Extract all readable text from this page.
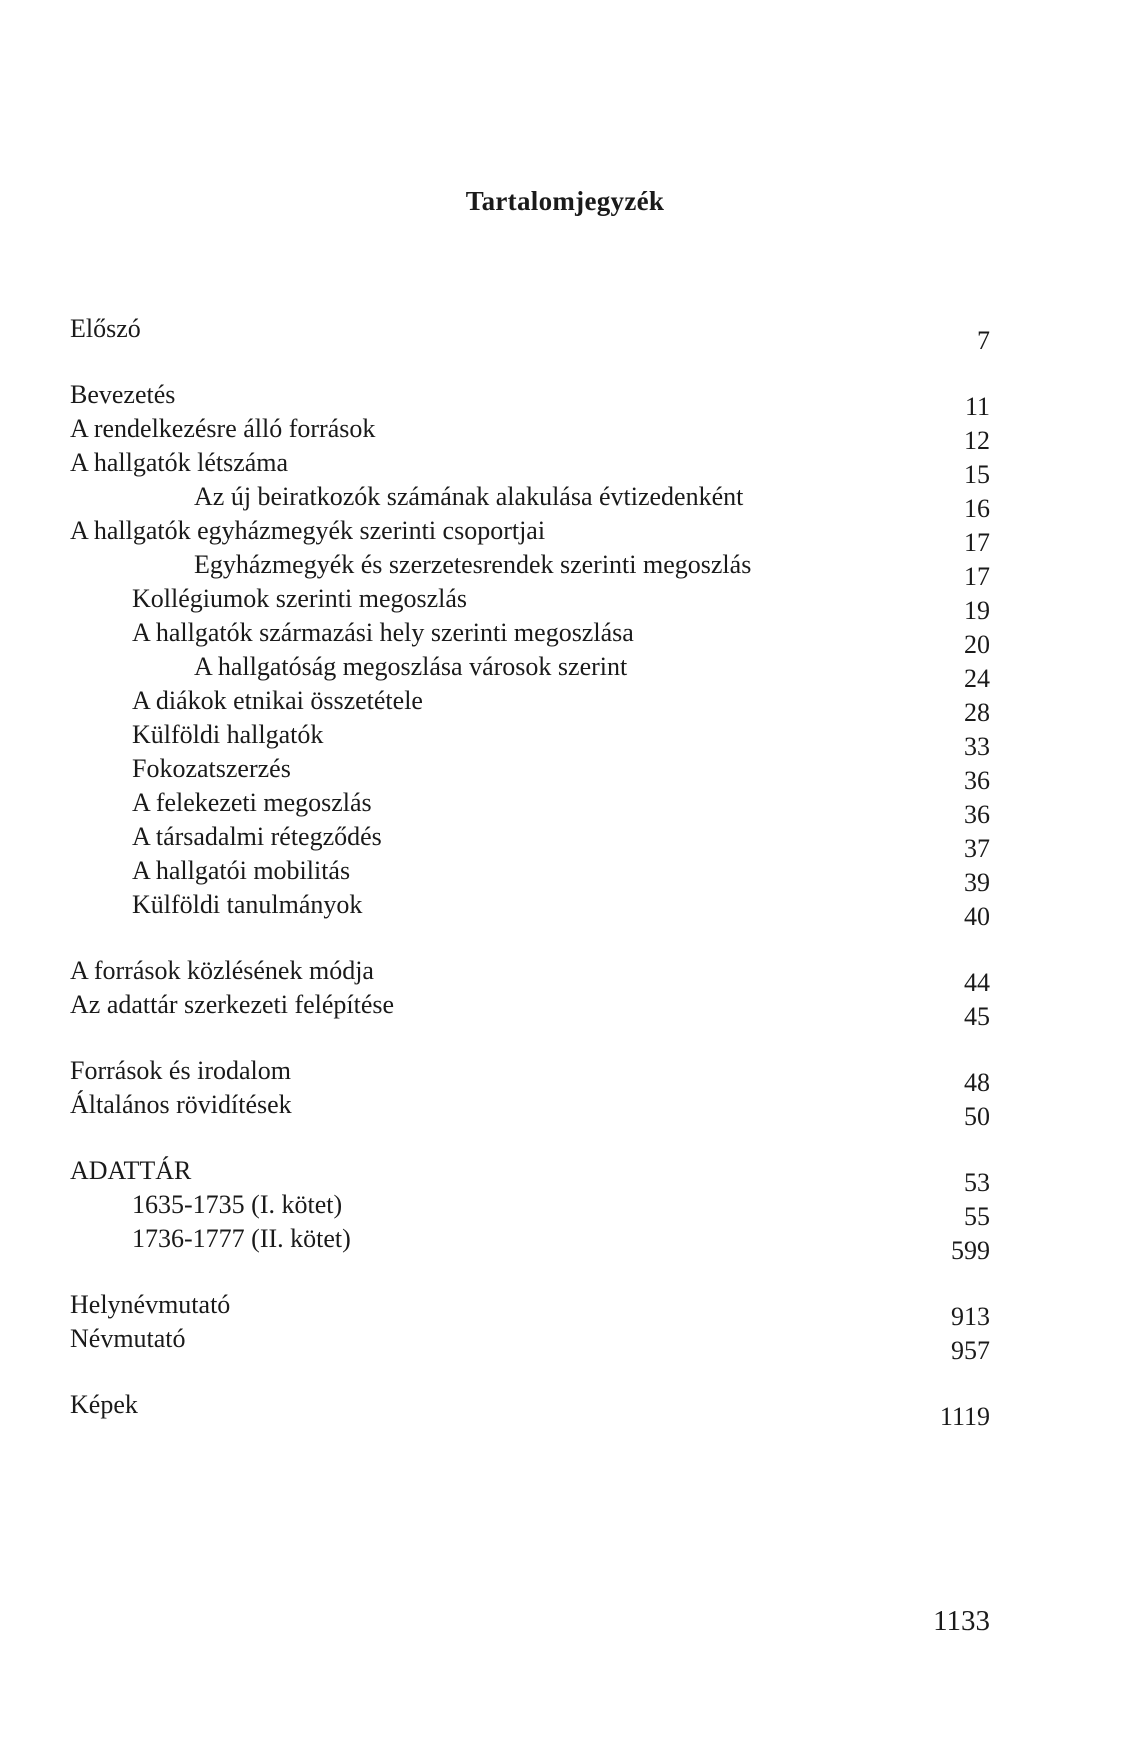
Tartalomjegyzék
Előszó	7
Bevezetés	11
A rendelkezésre álló források	12
A hallgatók létszáma	15
Az új beiratkozók számának alakulása évtizedenként	16
A hallgatók egyházmegyék szerinti csoportjai	17
Egyházmegyék és szerzetesrendek szerinti megoszlás	17
Kollégiumok szerinti megoszlás	19
A hallgatók származási hely szerinti megoszlása	20
A hallgatóság megoszlása városok szerint	24
A diákok etnikai összetétele	28
Külföldi hallgatók	33
Fokozatszerzés	36
A felekezeti megoszlás	36
A társadalmi rétegződés	37
A hallgatói mobilitás	39
Külföldi tanulmányok	40
A források közlésének módja	44
Az adattár szerkezeti felépítése	45
Források és irodalom	48
Általános rövidítések	50
ADATTÁR	53
1635-1735 (I. kötet)	55
1736-1777 (II. kötet)	599
Helynévmutató	913
Névmutató	957
Képek	1119
1133
